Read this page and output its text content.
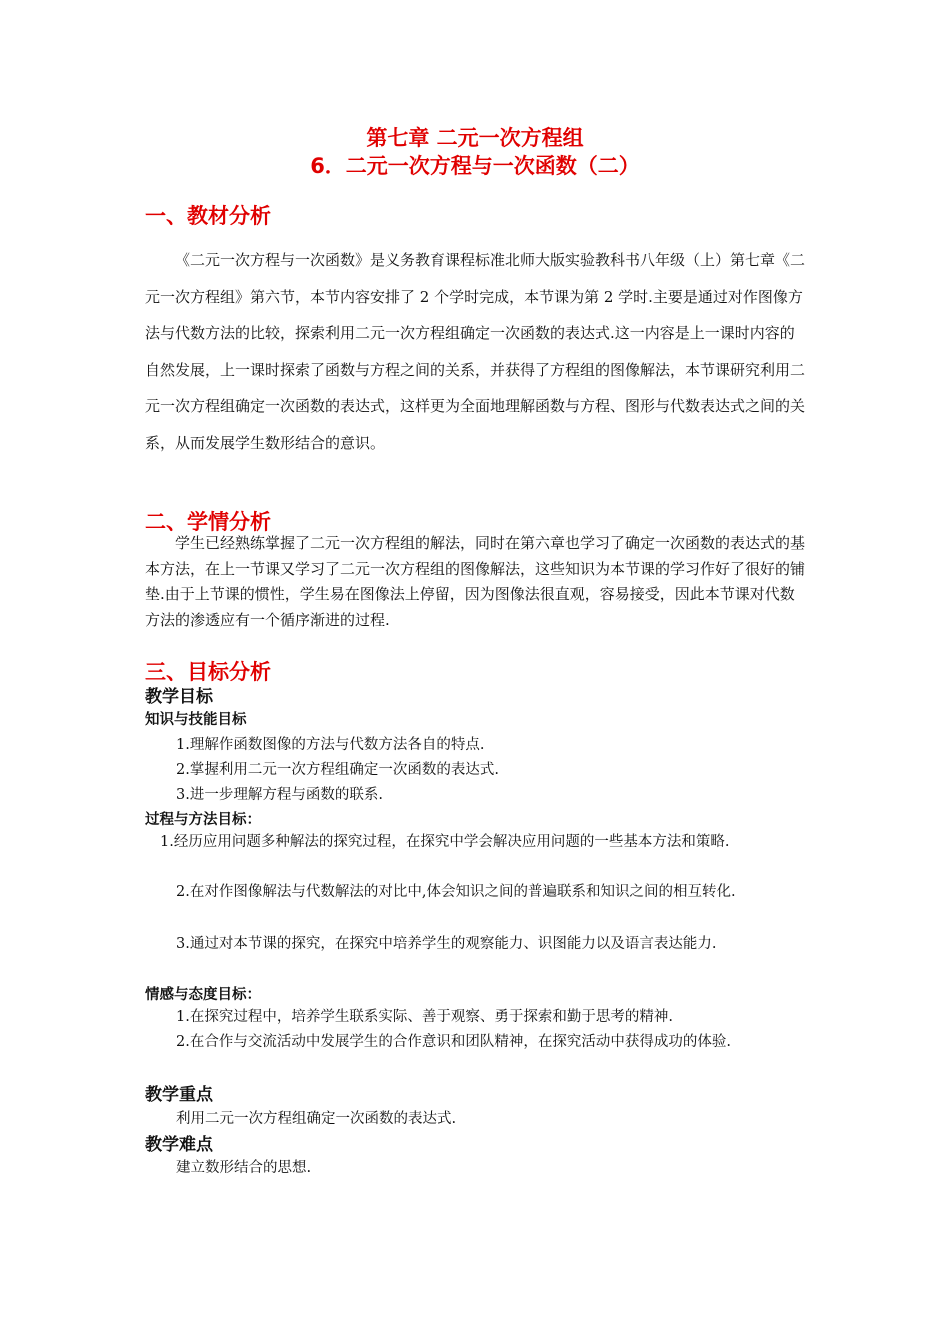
第七章 二元一次方程组
6．二元一次方程与一次函数（二）
一、教材分析

《二元一次方程与一次函数》是义务教育课程标准北师大版实验教科书八年级（上）第七章《二元一次方程组》第六节，本节内容安排了 2 个学时完成，本节课为第 2 学时.主要是通过对作图像方法与代数方法的比较，探索利用二元一次方程组确定一次函数的表达式.这一内容是上一课时内容的自然发展，上一课时探索了函数与方程之间的关系，并获得了方程组的图像解法，本节课研究利用二元一次方程组确定一次函数的表达式，这样更为全面地理解函数与方程、图形与代数表达式之间的关系，从而发展学生数形结合的意识。

二、学情分析

学生已经熟练掌握了二元一次方程组的解法，同时在第六章也学习了确定一次函数的表达式的基本方法，在上一节课又学习了二元一次方程组的图像解法，这些知识为本节课的学习作好了很好的铺垫.由于上节课的惯性，学生易在图像法上停留，因为图像法很直观，容易接受，因此本节课对代数方法的渗透应有一个循序渐进的过程.

三、目标分析
教学目标
知识与技能目标
1.理解作函数图像的方法与代数方法各自的特点.
2.掌握利用二元一次方程组确定一次函数的表达式.
3.进一步理解方程与函数的联系.
过程与方法目标：

1.经历应用问题多种解法的探究过程，在探究中学会解决应用问题的一些基本方法和策略.

2.在对作图像解法与代数解法的对比中,体会知识之间的普遍联系和知识之间的相互转化.

3.通过对本节课的探究，在探究中培养学生的观察能力、识图能力以及语言表达能力.
情感与态度目标：
1.在探究过程中，培养学生联系实际、善于观察、勇于探索和勤于思考的精神.

2.在合作与交流活动中发展学生的合作意识和团队精神，在探究活动中获得成功的体验.

教学重点
利用二元一次方程组确定一次函数的表达式.
教学难点
建立数形结合的思想.
